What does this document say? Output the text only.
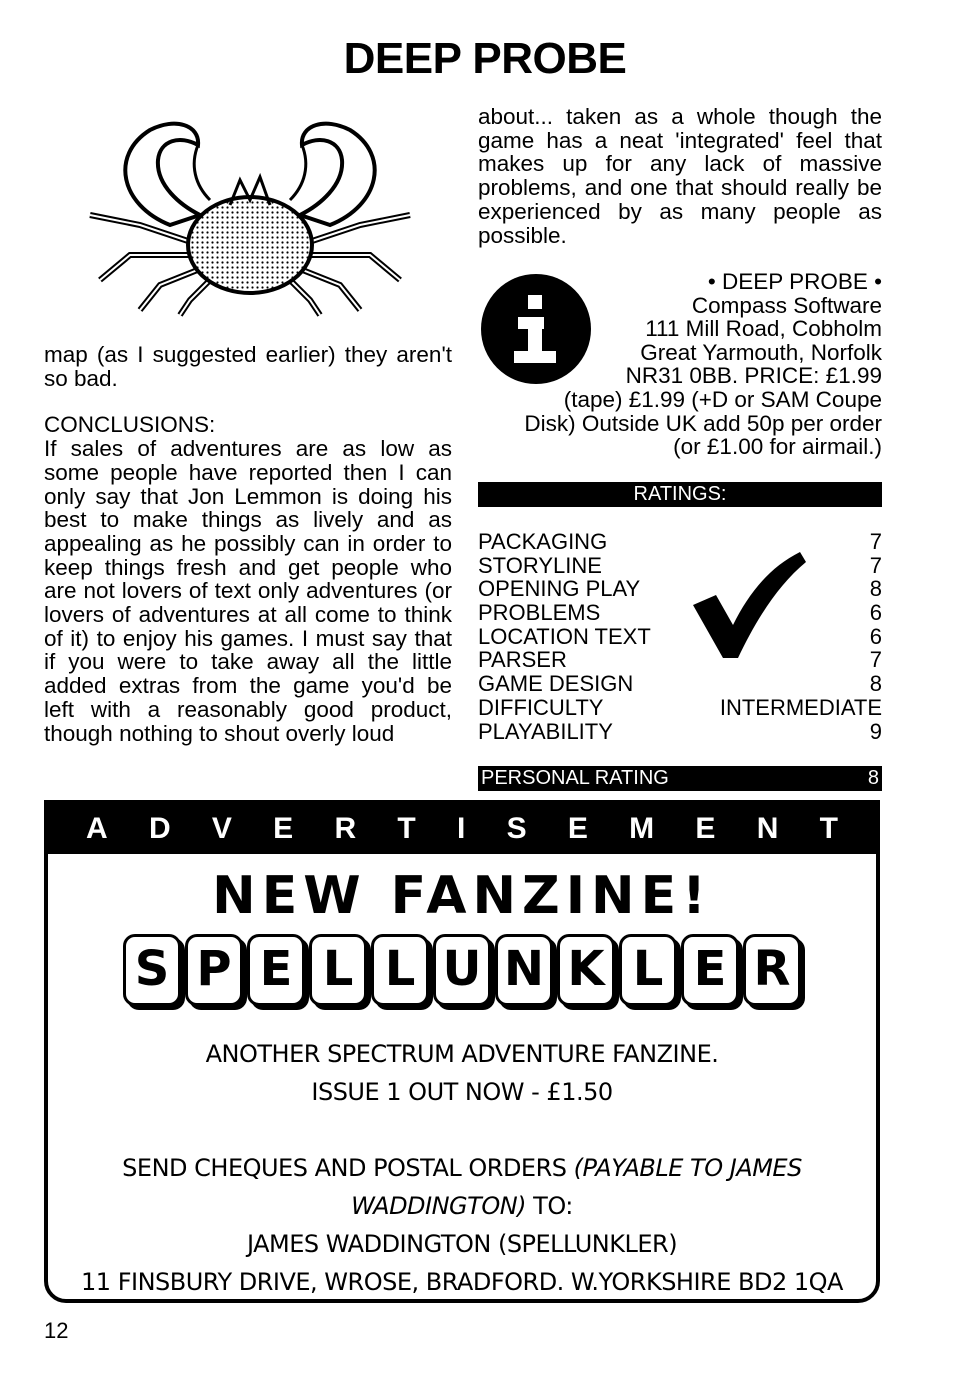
DEEP PROBE

map (as I suggested earlier) they aren't so bad.

CONCLUSIONS:

If sales of adventures are as low as some people have reported then I can only say that Jon Lemmon is doing his best to make things as lively and as appealing as he possibly can in order to keep things fresh and get people who are not lovers of text only adventures (or lovers of adventures at all come to think of it) to enjoy his games. I must say that if you were to take away all the little added extras from the game you'd be left with a reasonably good product, though nothing to shout overly loud

about... taken as a whole though the game has a neat 'integrated' feel that makes up for any lack of massive problems, and one that should really be experienced by as many people as possible.

• DEEP PROBE •
Compass Software
111 Mill Road, Cobholm
Great Yarmouth, Norfolk
NR31 0BB. PRICE: £1.99
(tape) £1.99 (+D or SAM Coupe
Disk) Outside UK add 50p per order
(or £1.00 for airmail.)
RATINGS:
PACKAGING	7
STORYLINE	7
OPENING PLAY	8
PROBLEMS	6
LOCATION TEXT	6
PARSER	7
GAME DESIGN	8
DIFFICULTY	INTERMEDIATE
PLAYABILITY	9
PERSONAL RATING	8
A D V E R T I S E M E N T
NEW FANZINE!
S P E L L U N K L E R
ANOTHER SPECTRUM ADVENTURE FANZINE.
ISSUE 1 OUT NOW - £1.50
SEND CHEQUES AND POSTAL ORDERS (PAYABLE TO JAMES
WADDINGTON) TO:
JAMES WADDINGTON (SPELLUNKLER)
11 FINSBURY DRIVE, WROSE, BRADFORD. W.YORKSHIRE BD2 1QA
12
